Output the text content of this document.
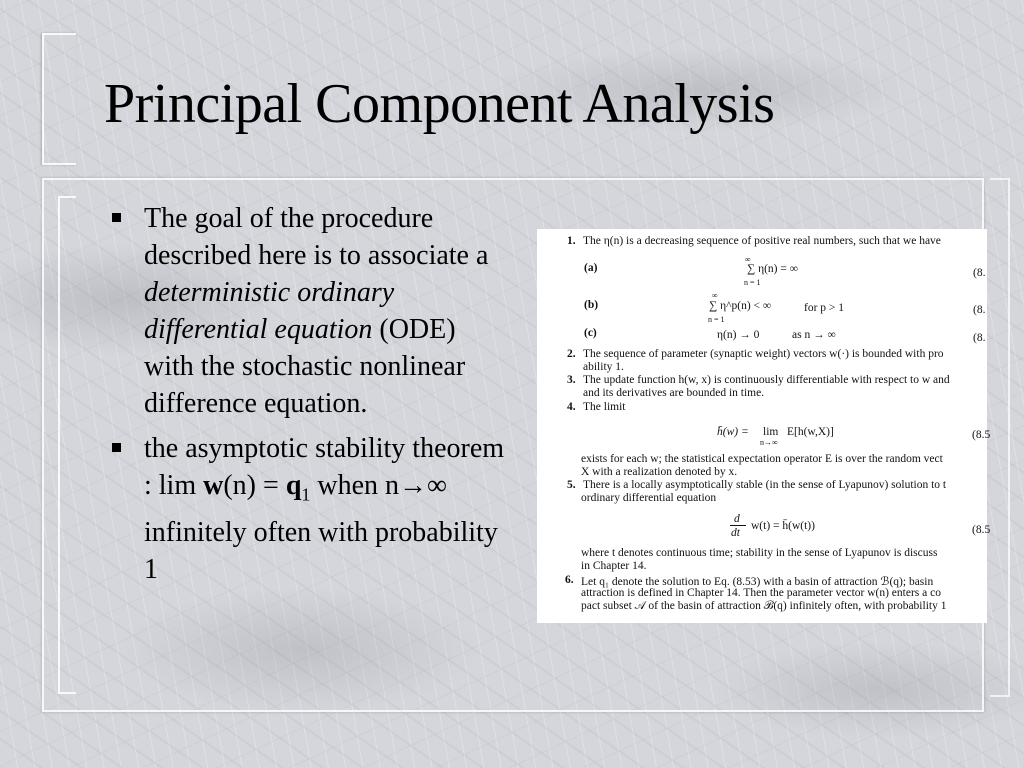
Principal Component Analysis
The goal of the procedure described here is to associate a deterministic ordinary differential equation (ODE) with the stochastic nonlinear difference equation.
the asymptotic stability theorem : $\lim w(n) = q_1$ when n→∞ infinitely often with probability 1
1. The η(n) is a decreasing sequence of positive real numbers, such that we have
(a)
∞
∑ η(n) = ∞
n = 1
(8.
(b)
∞
∑ η^p(n) < ∞
n = 1
for p > 1	(8.
(c)	η(n) → 0	as n → ∞	(8.
2. The sequence of parameter (synaptic weight) vectors w(·) is bounded with pro
ability 1.
3. The update function h(w, x) is continuously differentiable with respect to w and
and its derivatives are bounded in time.
4. The limit
h̄(w) = lim
n→∞
E[h(w,X)]	(8.5
exists for each w; the statistical expectation operator E is over the random vect
X with a realization denoted by x.
5. There is a locally asymptotically stable (in the sense of Lyapunov) solution to t
ordinary differential equation
d
dt
w(t) = h̄(w(t))	(8.5
where t denotes continuous time; stability in the sense of Lyapunov is discuss
in Chapter 14.
6. Let q₁ denote the solution to Eq. (8.53) with a basin of attraction ℬ(q); basin
attraction is defined in Chapter 14. Then the parameter vector w(n) enters a co
pact subset 𝒜 of the basin of attraction ℬ(q) infinitely often, with probability 1
